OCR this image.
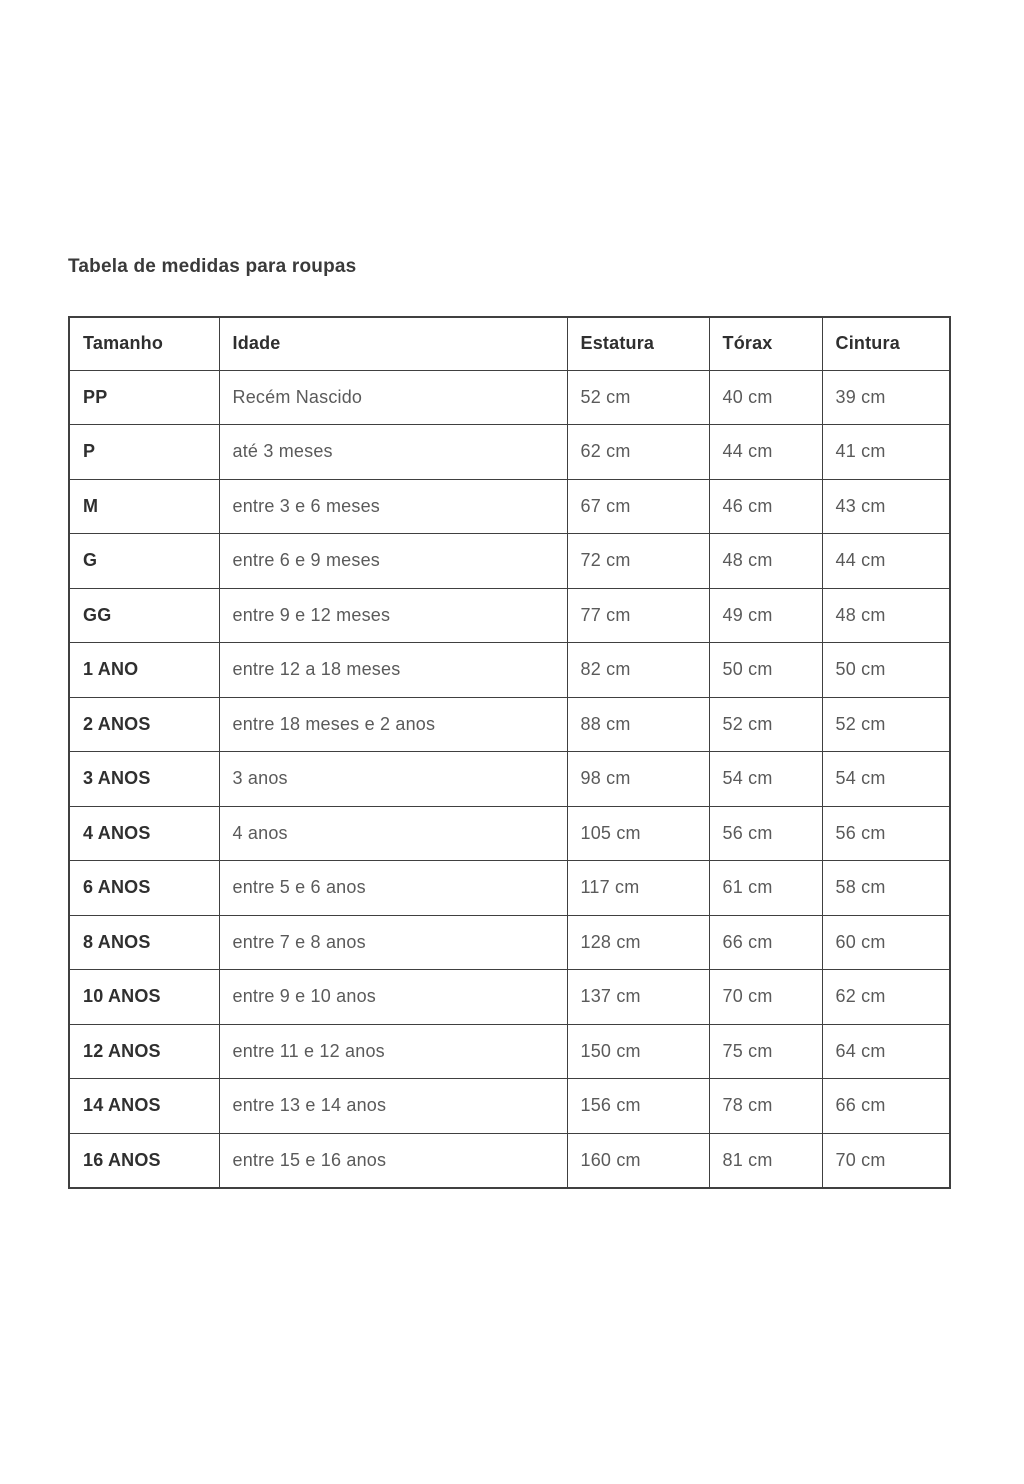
Tabela de medidas para roupas
Tamanho	Idade	Estatura	Tórax	Cintura
PP	Recém Nascido	52 cm	40 cm	39 cm
P	até 3 meses	62 cm	44 cm	41 cm
M	entre 3 e 6 meses	67 cm	46 cm	43 cm
G	entre 6 e 9 meses	72 cm	48 cm	44 cm
GG	entre 9 e 12 meses	77 cm	49 cm	48 cm
1 ANO	entre 12 a 18 meses	82 cm	50 cm	50 cm
2 ANOS	entre 18 meses e 2 anos	88 cm	52 cm	52 cm
3 ANOS	3 anos	98 cm	54 cm	54 cm
4 ANOS	4 anos	105 cm	56 cm	56 cm
6 ANOS	entre 5 e 6 anos	117 cm	61 cm	58 cm
8 ANOS	entre 7 e 8 anos	128 cm	66 cm	60 cm
10 ANOS	entre 9 e 10 anos	137 cm	70 cm	62 cm
12 ANOS	entre 11 e 12 anos	150 cm	75 cm	64 cm
14 ANOS	entre 13 e 14 anos	156 cm	78 cm	66 cm
16 ANOS	entre 15 e 16 anos	160 cm	81 cm	70 cm
